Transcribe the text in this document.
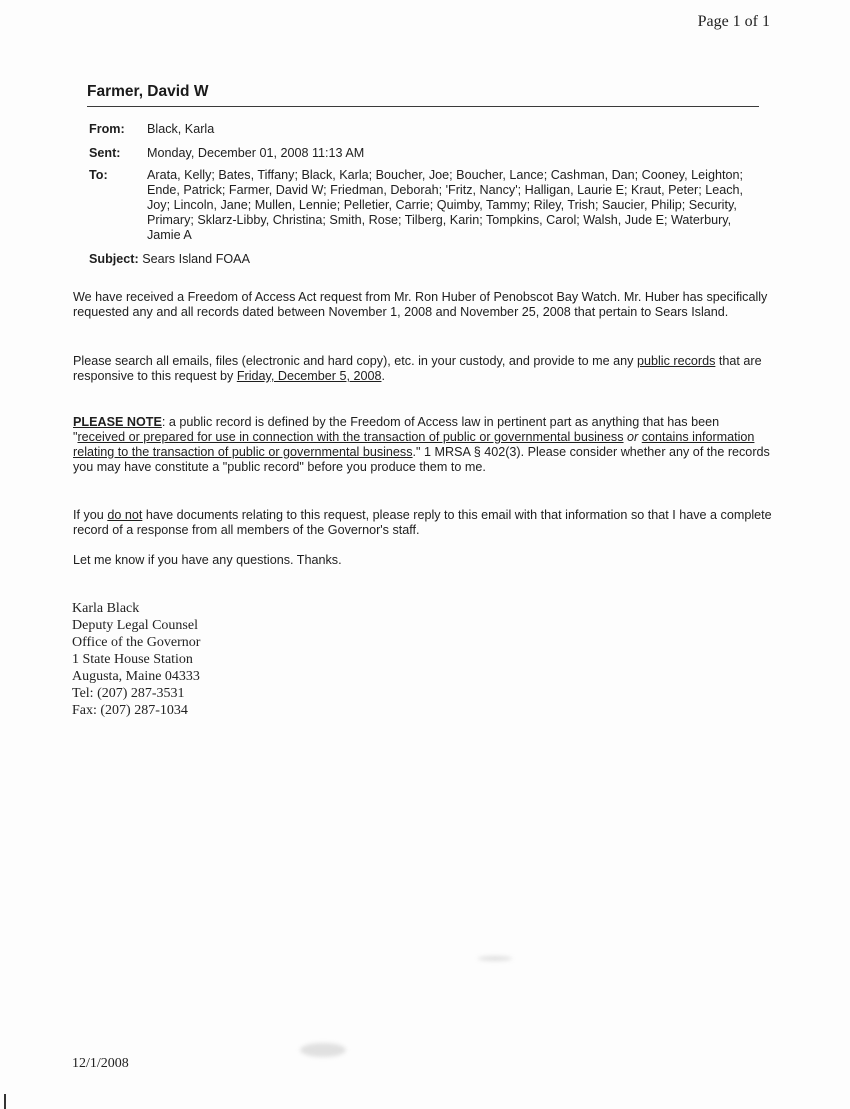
Page 1 of 1
Farmer, David W
From: Black, Karla
Sent: Monday, December 01, 2008 11:13 AM
To:	Arata, Kelly; Bates, Tiffany; Black, Karla; Boucher, Joe; Boucher, Lance; Cashman, Dan; Cooney, Leighton; Ende, Patrick; Farmer, David W; Friedman, Deborah; 'Fritz, Nancy'; Halligan, Laurie E; Kraut, Peter; Leach, Joy; Lincoln, Jane; Mullen, Lennie; Pelletier, Carrie; Quimby, Tammy; Riley, Trish; Saucier, Philip; Security, Primary; Sklarz-Libby, Christina; Smith, Rose; Tilberg, Karin; Tompkins, Carol; Walsh, Jude E; Waterbury, Jamie A
Subject: Sears Island FOAA
We have received a Freedom of Access Act request from Mr. Ron Huber of Penobscot Bay Watch. Mr. Huber has specifically requested any and all records dated between November 1, 2008 and November 25, 2008 that pertain to Sears Island.
Please search all emails, files (electronic and hard copy), etc. in your custody, and provide to me any public records that are responsive to this request by Friday, December 5, 2008.
PLEASE NOTE: a public record is defined by the Freedom of Access law in pertinent part as anything that has been "received or prepared for use in connection with the transaction of public or governmental business or contains information relating to the transaction of public or governmental business." 1 MRSA § 402(3). Please consider whether any of the records you may have constitute a "public record" before you produce them to me.
If you do not have documents relating to this request, please reply to this email with that information so that I have a complete record of a response from all members of the Governor's staff.
Let me know if you have any questions. Thanks.
Karla Black
Deputy Legal Counsel
Office of the Governor
1 State House Station
Augusta, Maine 04333
Tel: (207) 287-3531
Fax: (207) 287-1034
12/1/2008
